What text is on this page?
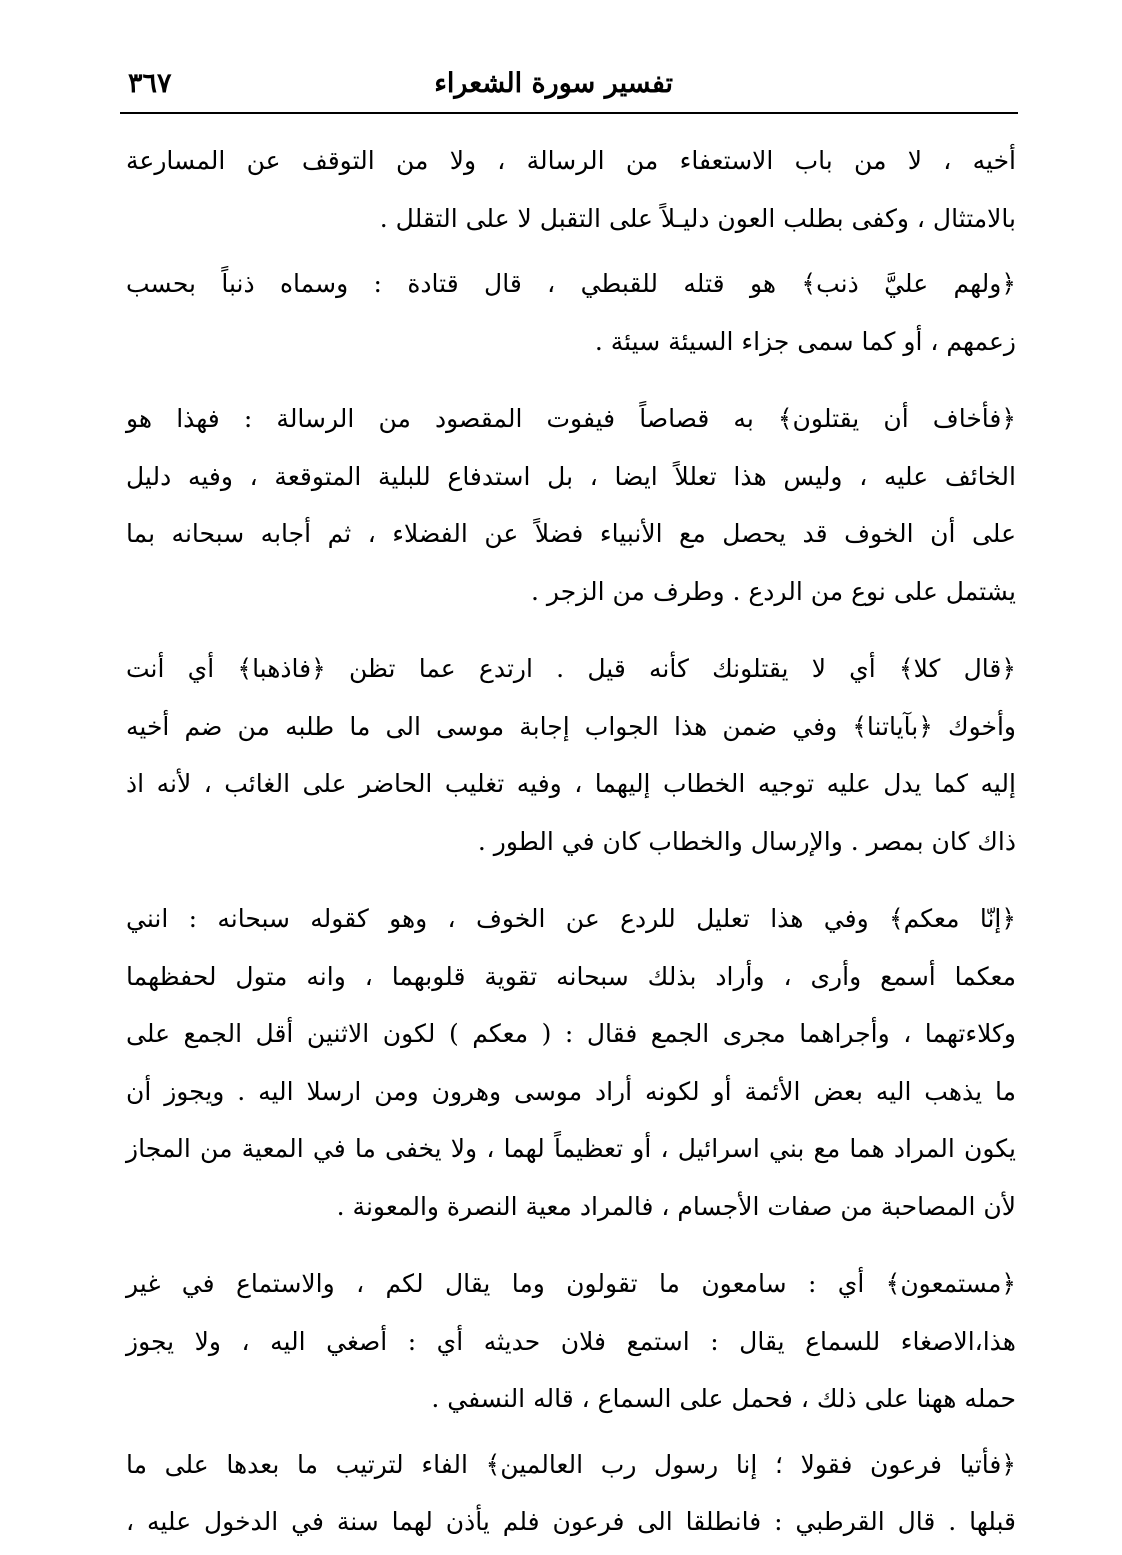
تفسير سورة الشعراء
٣٦٧
أخيه ، لا من باب الاستعفاء من الرسالة ، ولا من التوقف عن المسارعة
بالامتثال ، وكفى بطلب العون دليـلاً على التقبل لا على التقلل .
﴿ولهم عليَّ ذنب﴾ هو قتله للقبطي ، قال قتادة : وسماه ذنباً بحسب
زعمهم ، أو كما سمى جزاء السيئة سيئة .
﴿فأخاف أن يقتلون﴾ به قصاصاً فيفوت المقصود من الرسالة : فهذا هو
الخائف عليه ، وليس هذا تعللاً ايضا ، بل استدفاع للبلية المتوقعة ، وفيه دليل
على أن الخوف قد يحصل مع الأنبياء فضلاً عن الفضلاء ، ثم أجابه سبحانه بما
يشتمل على نوع من الردع . وطرف من الزجر .
﴿قال كلا﴾ أي لا يقتلونك كأنه قيل . ارتدع عما تظن ﴿فاذهبا﴾ أي أنت
وأخوك ﴿بآياتنا﴾ وفي ضمن هذا الجواب إجابة موسى الى ما طلبه من ضم أخيه
إليه كما يدل عليه توجيه الخطاب إليهما ، وفيه تغليب الحاضر على الغائب ، لأنه اذ
ذاك كان بمصر . والإرسال والخطاب كان في الطور .
﴿إنّا معكم﴾ وفي هذا تعليل للردع عن الخوف ، وهو كقوله سبحانه : انني
معكما أسمع وأرى ، وأراد بذلك سبحانه تقوية قلوبهما ، وانه متول لحفظهما
وكلاءتهما ، وأجراهما مجرى الجمع فقال : ( معكم ) لكون الاثنين أقل الجمع على
ما يذهب اليه بعض الأئمة أو لكونه أراد موسى وهرون ومن ارسلا اليه . ويجوز أن
يكون المراد هما مع بني اسرائيل ، أو تعظيماً لهما ، ولا يخفى ما في المعية من المجاز
لأن المصاحبة من صفات الأجسام ، فالمراد معية النصرة والمعونة .
﴿مستمعون﴾ أي : سامعون ما تقولون وما يقال لكم ، والاستماع في غير
هذا،الاصغاء للسماع يقال : استمع فلان حديثه أي : أصغي اليه ، ولا يجوز
حمله ههنا على ذلك ، فحمل على السماع ، قاله النسفي .
﴿فأتيا فرعون فقولا ؛ إنا رسول رب العالمين﴾ الفاء لترتيب ما بعدها على ما
قبلها . قال القرطبي : فانطلقا الى فرعون فلم يأذن لهما سنة في الدخول عليه ،
